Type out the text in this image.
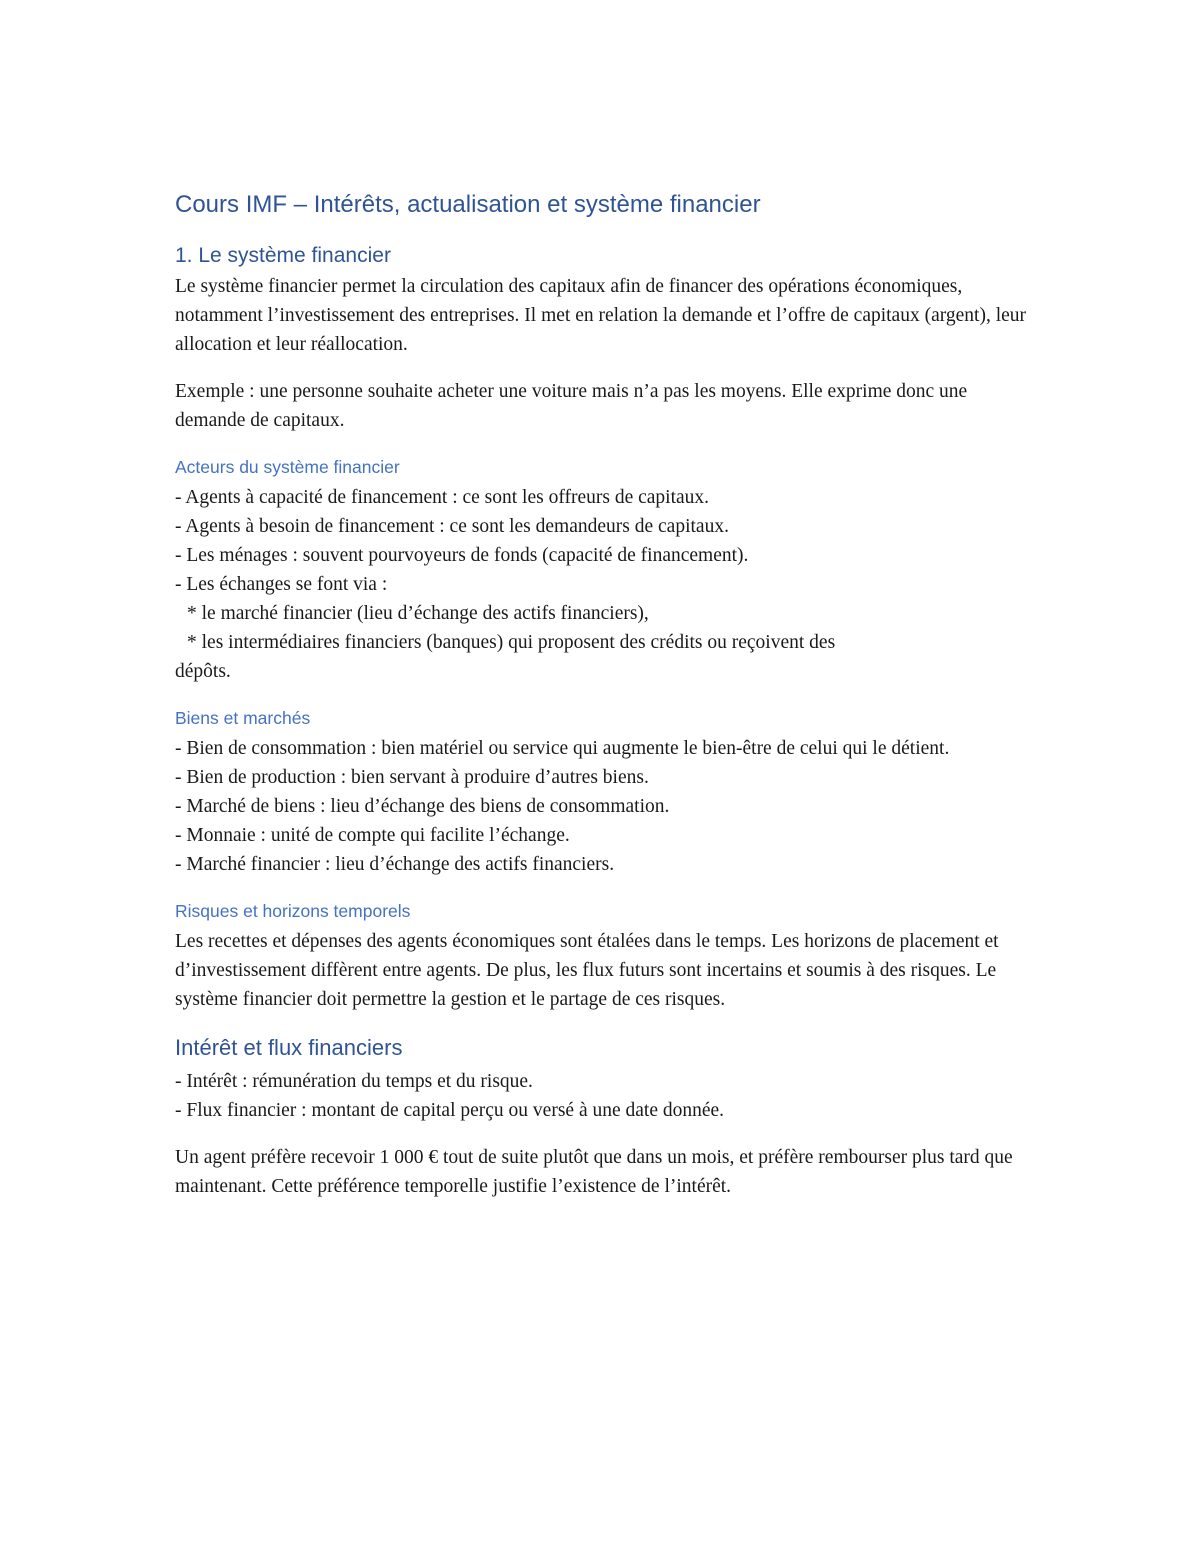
Cours IMF – Intérêts, actualisation et système financier
1. Le système financier

Le système financier permet la circulation des capitaux afin de financer des opérations économiques, notamment l’investissement des entreprises. Il met en relation la demande et l’offre de capitaux (argent), leur allocation et leur réallocation.

Exemple : une personne souhaite acheter une voiture mais n’a pas les moyens. Elle exprime donc une demande de capitaux.

Acteurs du système financier
- Agents à capacité de financement : ce sont les offreurs de capitaux.
- Agents à besoin de financement : ce sont les demandeurs de capitaux.
- Les ménages : souvent pourvoyeurs de fonds (capacité de financement).
- Les échanges se font via :
* le marché financier (lieu d’échange des actifs financiers),
* les intermédiaires financiers (banques) qui proposent des crédits ou reçoivent des
dépôts.
Biens et marchés
- Bien de consommation : bien matériel ou service qui augmente le bien-être de celui qui le détient.
- Bien de production : bien servant à produire d’autres biens.
- Marché de biens : lieu d’échange des biens de consommation.
- Monnaie : unité de compte qui facilite l’échange.
- Marché financier : lieu d’échange des actifs financiers.
Risques et horizons temporels

Les recettes et dépenses des agents économiques sont étalées dans le temps. Les horizons de placement et d’investissement diffèrent entre agents. De plus, les flux futurs sont incertains et soumis à des risques. Le système financier doit permettre la gestion et le partage de ces risques.

Intérêt et flux financiers
- Intérêt : rémunération du temps et du risque.
- Flux financier : montant de capital perçu ou versé à une date donnée.

Un agent préfère recevoir 1 000 € tout de suite plutôt que dans un mois, et préfère rembourser plus tard que maintenant. Cette préférence temporelle justifie l’existence de l’intérêt.
